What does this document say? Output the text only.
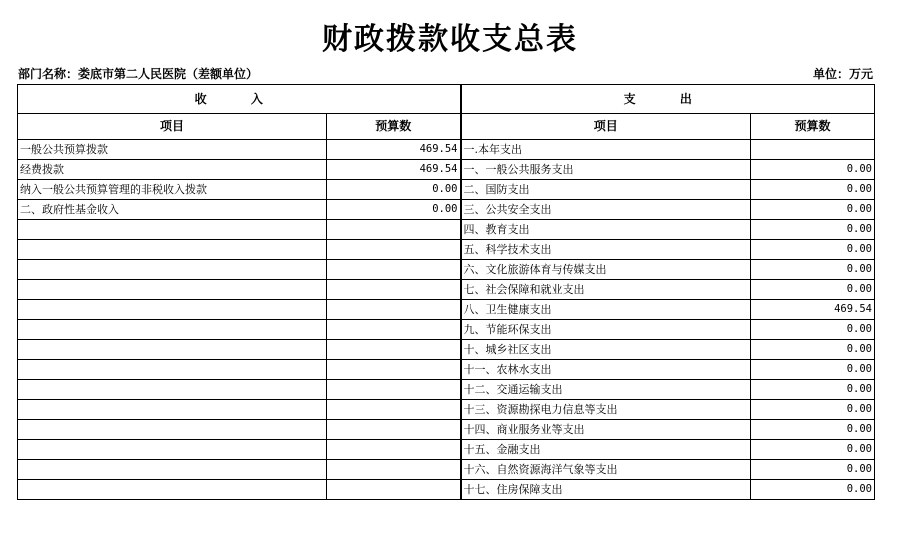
财政拨款收支总表
部门名称：娄底市第二人民医院（差额单位）	单位：万元
收 入		支 出	
项目	预算数	项目	预算数
一般公共预算拨款	469.54	一.本年支出	
经费拨款	469.54	一、一般公共服务支出	0.00
纳入一般公共预算管理的非税收入拨款	0.00	二、国防支出	0.00
二、政府性基金收入	0.00	三、公共安全支出	0.00
		四、教育支出	0.00
		五、科学技术支出	0.00
		六、文化旅游体育与传媒支出	0.00
		七、社会保障和就业支出	0.00
		八、卫生健康支出	469.54
		九、节能环保支出	0.00
		十、城乡社区支出	0.00
		十一、农林水支出	0.00
		十二、交通运输支出	0.00
		十三、资源勘探电力信息等支出	0.00
		十四、商业服务业等支出	0.00
		十五、金融支出	0.00
		十六、自然资源海洋气象等支出	0.00
		十七、住房保障支出	0.00
